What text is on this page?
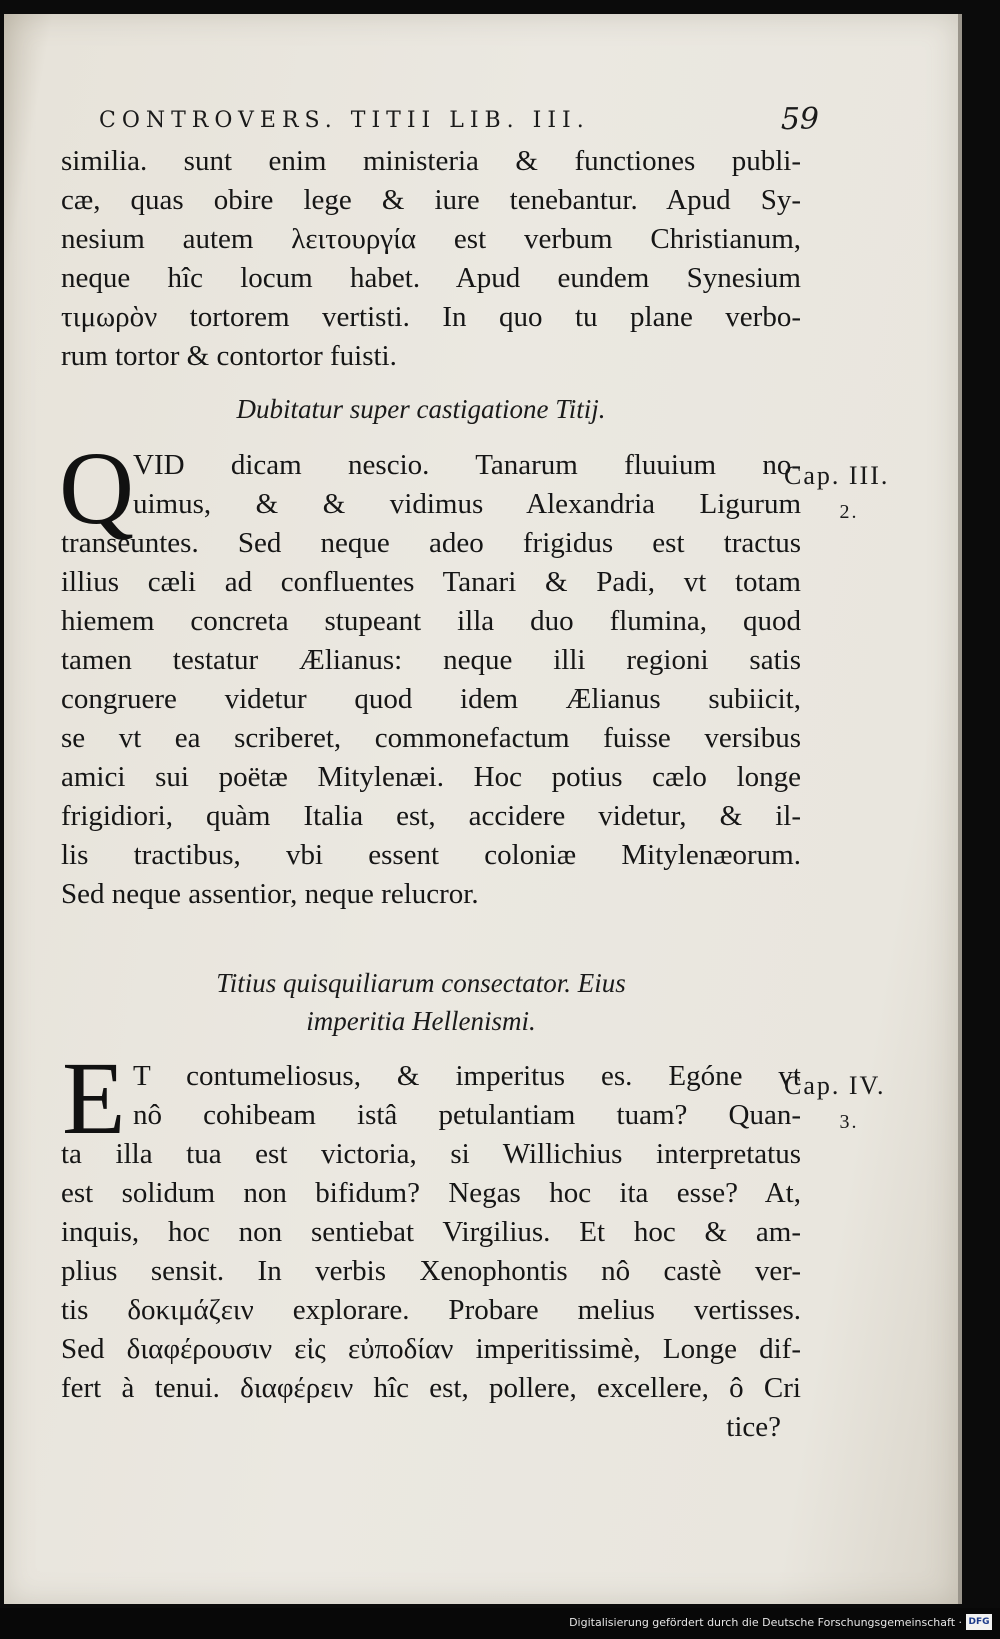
CONTROVERS. TITII LIB. III.	59
similia. sunt enim ministeria & functiones publi-
cæ, quas obire lege & iure tenebantur. Apud Sy-
nesium autem λειτουργία est verbum Christianum,
neque hîc locum habet. Apud eundem Synesium
τιμωρὸν tortorem vertisti. In quo tu plane verbo-
rum tortor & contortor fuisti.
Dubitatur super castigatione Titij.
Q
VID dicam nescio. Tanarum fluuium no-
uimus, & & vidimus Alexandria Ligurum
transeuntes. Sed neque adeo frigidus est tractus
illius cæli ad confluentes Tanari & Padi, vt totam
hiemem concreta stupeant illa duo flumina, quod
tamen testatur Ælianus: neque illi regioni satis
congruere videtur quod idem Ælianus subiicit,
se vt ea scriberet, commonefactum fuisse versibus
amici sui poëtæ Mitylenæi. Hoc potius cælo longe
frigidiori, quàm Italia est, accidere videtur, & il-
lis tractibus, vbi essent coloniæ Mitylenæorum.
Sed neque assentior, neque relucror.
Cap. III.
2.
Titius quisquiliarum consectator. Eius
imperitia Hellenismi.
E T contumeliosus, & imperitus es. Egóne vt
nô cohibeam istâ petulantiam tuam? Quan-
ta illa tua est victoria, si Willichius interpretatus
est solidum non bifidum? Negas hoc ita esse? At,
inquis, hoc non sentiebat Virgilius. Et hoc & am-
plius sensit. In verbis Xenophontis nô castè ver-
tis δοκιμάζειν explorare. Probare melius vertisses.
Sed διαφέρουσιν εἰς εὐποδίαν imperitissimè, Longe dif-
fert à tenui. διαφέρειν hîc est, pollere, excellere, ô Cri
tice?
Cap. IV.
3.
Digitalisierung gefördert durch die Deutsche Forschungsgemeinschaft · DFG
